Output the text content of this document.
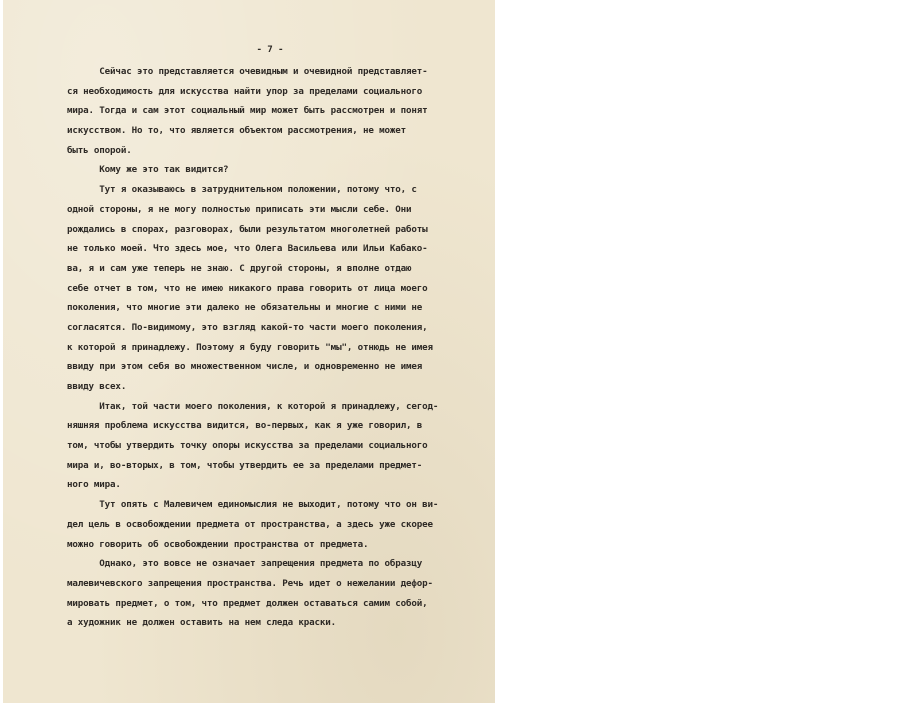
- 7 -
Сейчас это представляется очевидным и очевидной представляет-
ся необходимость для искусства найти упор за пределами социального
мира. Тогда и сам этот социальный мир может быть рассмотрен и понят
искусством. Но то, что является объектом рассмотрения, не может
быть опорой.
Кому же это так видится?
Тут я оказываюсь в затруднительном положении, потому что, с
одной стороны, я не могу полностью приписать эти мысли себе. Они
рождались в спорах, разговорах, были результатом многолетней работы
не только моей. Что здесь мое, что Олега Васильева или Ильи Кабако-
ва, я и сам уже теперь не знаю. С другой стороны, я вполне отдаю
себе отчет в том, что не имею никакого права говорить от лица моего
поколения, что многие эти далеко не обязательны и многие с ними не
согласятся. По-видимому, это взгляд какой-то части моего поколения,
к которой я принадлежу. Поэтому я буду говорить "мы", отнюдь не имея
ввиду при этом себя во множественном числе, и одновременно не имея
ввиду всех.
Итак, той части моего поколения, к которой я принадлежу, сегод-
няшняя проблема искусства видится, во-первых, как я уже говорил, в
том, чтобы утвердить точку опоры искусства за пределами социального
мира и, во-вторых, в том, чтобы утвердить ее за пределами предмет-
ного мира.
Тут опять с Малевичем единомыслия не выходит, потому что он ви-
дел цель в освобождении предмета от пространства, а здесь уже скорее
можно говорить об освобождении пространства от предмета.
Однако, это вовсе не означает запрещения предмета по образцу
малевичевского запрещения пространства. Речь идет о нежелании дефор-
мировать предмет, о том, что предмет должен оставаться самим собой,
а художник не должен оставить на нем следа краски.
